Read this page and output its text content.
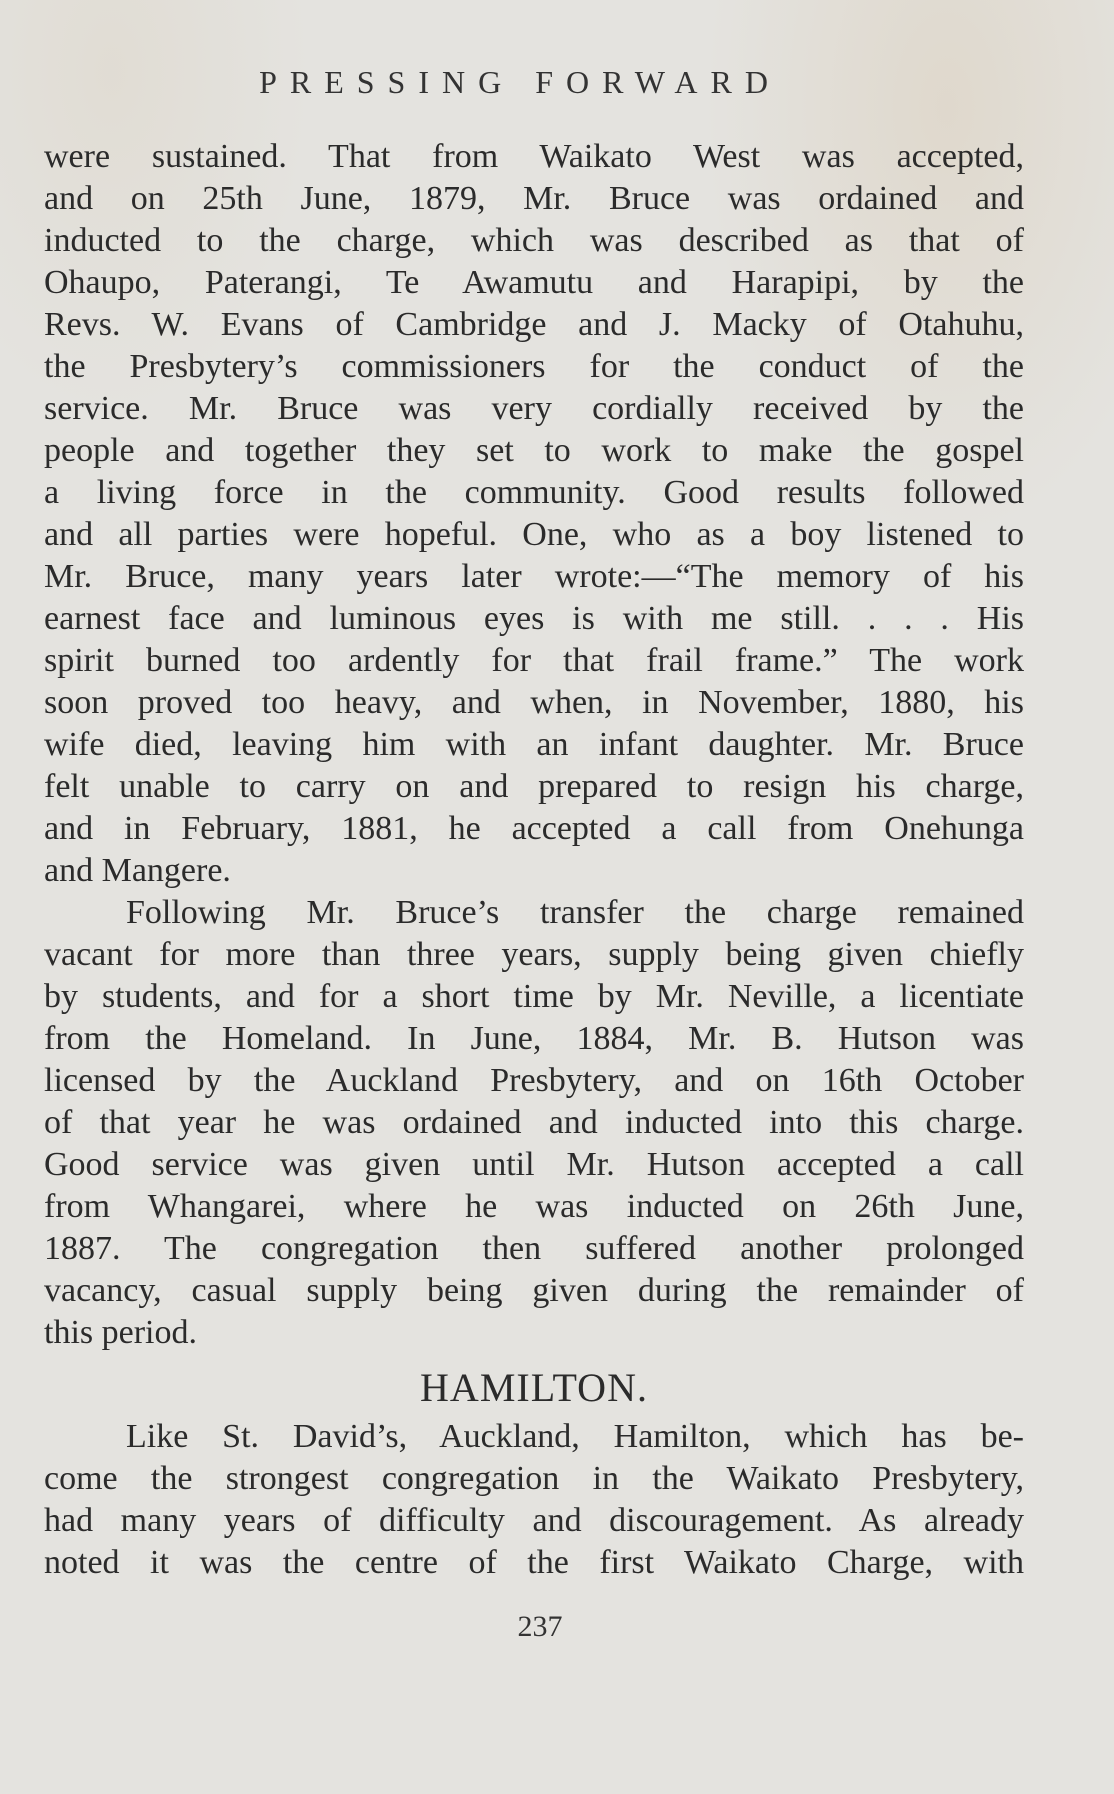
PRESSING FORWARD
were sustained. That from Waikato West was accepted,
and on 25th June, 1879, Mr. Bruce was ordained and
inducted to the charge, which was described as that of
Ohaupo, Paterangi, Te Awamutu and Harapipi, by the
Revs. W. Evans of Cambridge and J. Macky of Otahuhu,
the Presbytery’s commissioners for the conduct of the
service. Mr. Bruce was very cordially received by the
people and together they set to work to make the gospel
a living force in the community. Good results followed
and all parties were hopeful. One, who as a boy listened to
Mr. Bruce, many years later wrote:—“The memory of his
earnest face and luminous eyes is with me still. . . . His
spirit burned too ardently for that frail frame.” The work
soon proved too heavy, and when, in November, 1880, his
wife died, leaving him with an infant daughter. Mr. Bruce
felt unable to carry on and prepared to resign his charge,
and in February, 1881, he accepted a call from Onehunga
and Mangere.
Following Mr. Bruce’s transfer the charge remained
vacant for more than three years, supply being given chiefly
by students, and for a short time by Mr. Neville, a licentiate
from the Homeland. In June, 1884, Mr. B. Hutson was
licensed by the Auckland Presbytery, and on 16th October
of that year he was ordained and inducted into this charge.
Good service was given until Mr. Hutson accepted a call
from Whangarei, where he was inducted on 26th June,
1887. The congregation then suffered another prolonged
vacancy, casual supply being given during the remainder of
this period.
HAMILTON.
Like St. David’s, Auckland, Hamilton, which has be-
come the strongest congregation in the Waikato Presbytery,
had many years of difficulty and discouragement. As already
noted it was the centre of the first Waikato Charge, with
237
